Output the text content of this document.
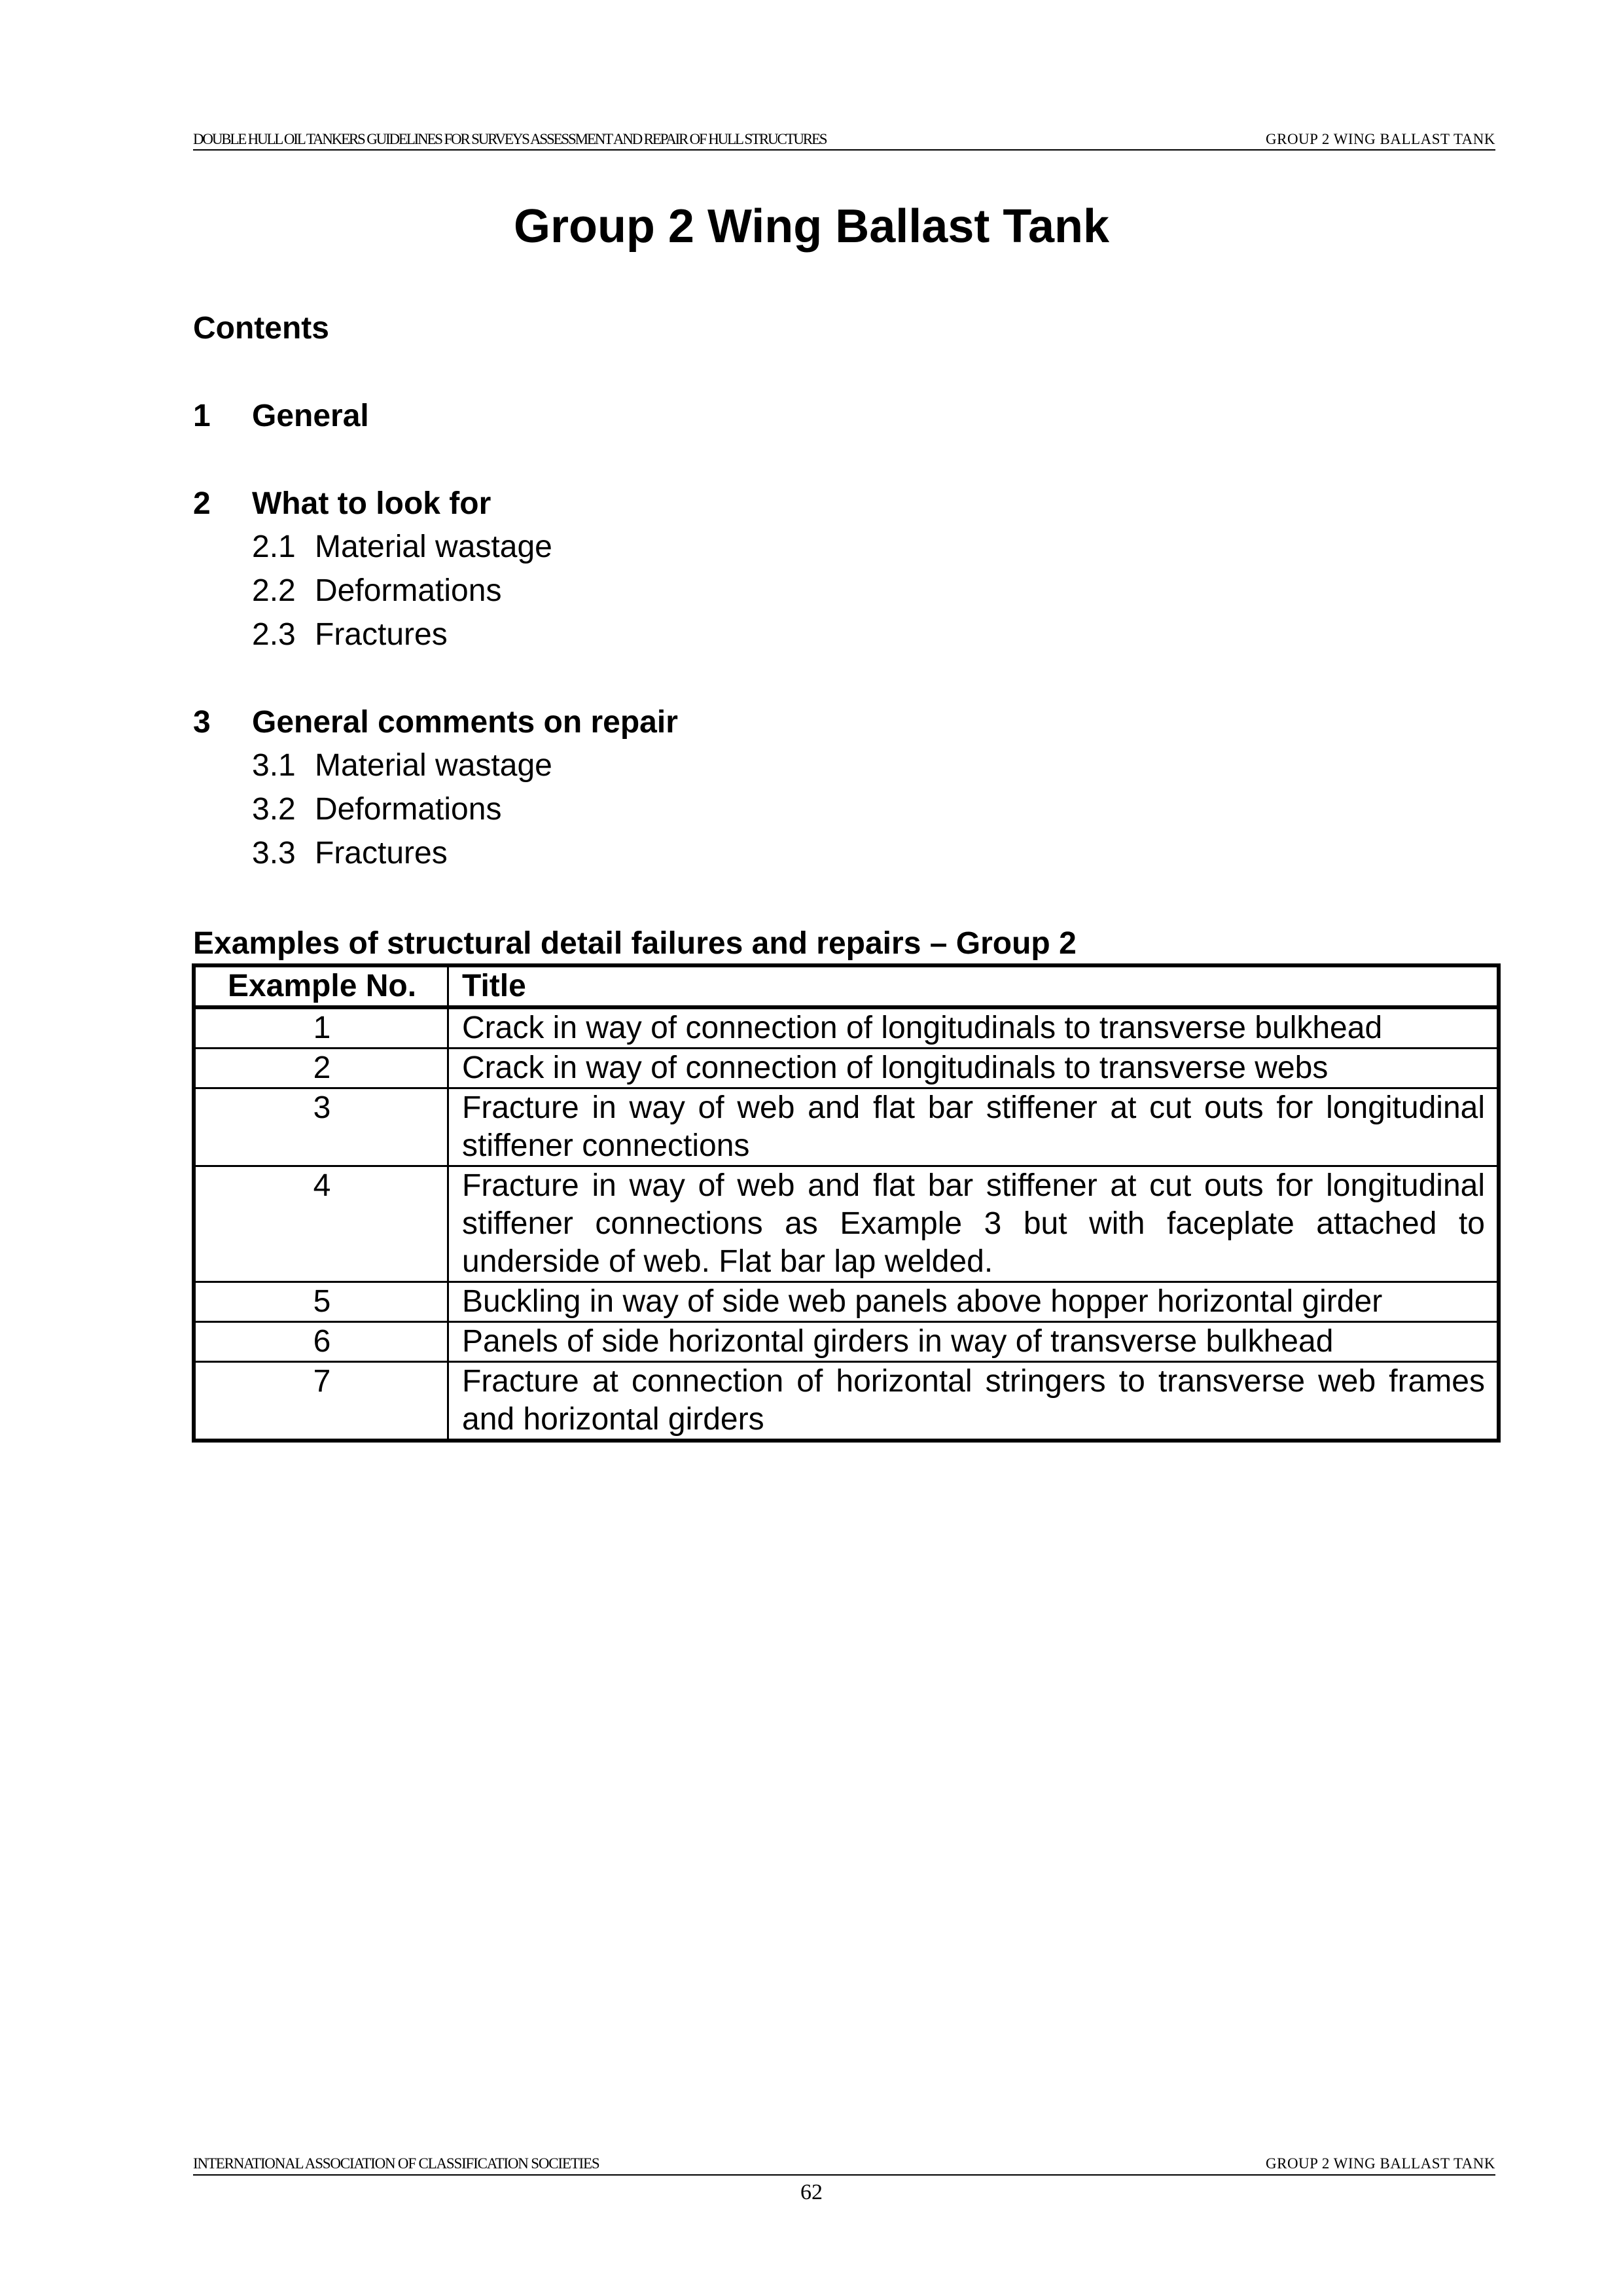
DOUBLE HULL OIL TANKERS GUIDELINES FOR SURVEYS ASSESSMENT AND REPAIR OF HULL STRUCTURES	GROUP 2 WING BALLAST TANK
Group 2 Wing Ballast Tank
Contents
1 General
2 What to look for
2.1 Material wastage
2.2 Deformations
2.3 Fractures
3 General comments on repair
3.1 Material wastage
3.2 Deformations
3.3 Fractures
Examples of structural detail failures and repairs – Group 2
Example No.	Title
1	Crack in way of connection of longitudinals to transverse bulkhead
2	Crack in way of connection of longitudinals to transverse webs
3	Fracture in way of web and flat bar stiffener at cut outs for longitudinal stiffener connections
4	Fracture in way of web and flat bar stiffener at cut outs for longitudinal stiffener connections as Example 3 but with faceplate attached to underside of web. Flat bar lap welded.
5	Buckling in way of side web panels above hopper horizontal girder
6	Panels of side horizontal girders in way of transverse bulkhead
7	Fracture at connection of horizontal stringers to transverse web frames and horizontal girders
INTERNATIONAL ASSOCIATION OF CLASSIFICATION SOCIETIES	GROUP 2 WING BALLAST TANK
62
